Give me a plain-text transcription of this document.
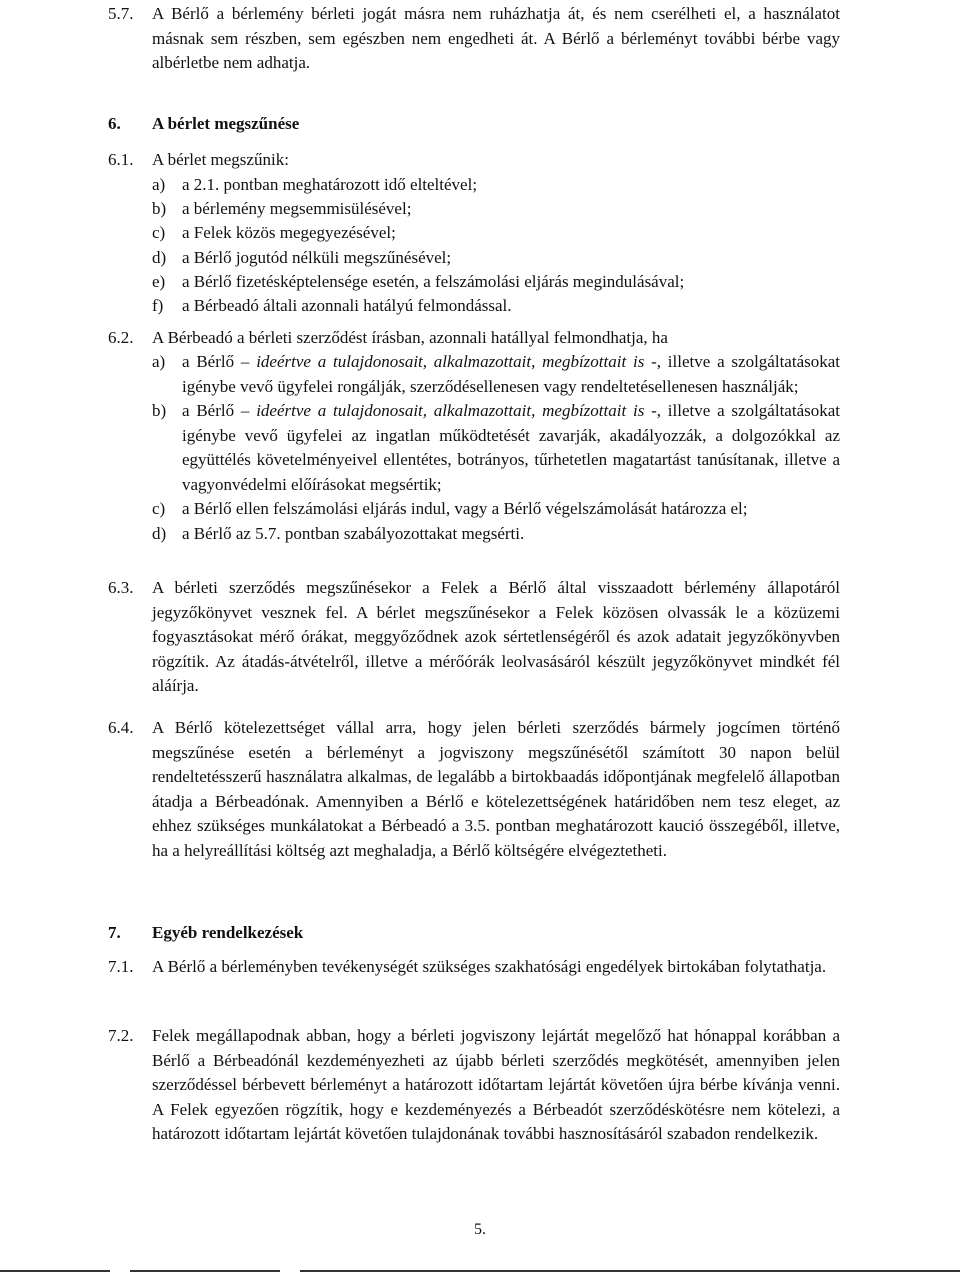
5.7. A Bérlő a bérlemény bérleti jogát másra nem ruházhatja át, és nem cserélheti el, a használatot másnak sem részben, sem egészben nem engedheti át. A Bérlő a bérleményt további bérbe vagy albérletbe nem adhatja.
6. A bérlet megszűnése
6.1. A bérlet megszűnik:
a) a 2.1. pontban meghatározott idő elteltével;
b) a bérlemény megsemmisülésével;
c) a Felek közös megegyezésével;
d) a Bérlő jogutód nélküli megszűnésével;
e) a Bérlő fizetésképtelensége esetén, a felszámolási eljárás megindulásával;
f) a Bérbeadó általi azonnali hatályú felmondással.
6.2. A Bérbeadó a bérleti szerződést írásban, azonnali hatállyal felmondhatja, ha
a) a Bérlő – ideértve a tulajdonosait, alkalmazottait, megbízottait is -, illetve a szolgáltatásokat igénybe vevő ügyfelei rongálják, szerződésellenesen vagy rendeltetésellenesen használják;
b) a Bérlő – ideértve a tulajdonosait, alkalmazottait, megbízottait is -, illetve a szolgáltatásokat igénybe vevő ügyfelei az ingatlan működtetését zavarják, akadályozzák, a dolgozókkal az együttélés követelményeivel ellentétes, botrányos, tűrhetetlen magatartást tanúsítanak, illetve a vagyonvédelmi előírásokat megsértik;
c) a Bérlő ellen felszámolási eljárás indul, vagy a Bérlő végelszámolását határozza el;
d) a Bérlő az 5.7. pontban szabályozottakat megsérti.
6.3. A bérleti szerződés megszűnésekor a Felek a Bérlő által visszaadott bérlemény állapotáról jegyzőkönyvet vesznek fel. A bérlet megszűnésekor a Felek közösen olvassák le a közüzemi fogyasztásokat mérő órákat, meggyőződnek azok sértetlenségéről és azok adatait jegyzőkönyvben rögzítik. Az átadás-átvételről, illetve a mérőórák leolvasásáról készült jegyzőkönyvet mindkét fél aláírja.
6.4. A Bérlő kötelezettséget vállal arra, hogy jelen bérleti szerződés bármely jogcímen történő megszűnése esetén a bérleményt a jogviszony megszűnésétől számított 30 napon belül rendeltetésszerű használatra alkalmas, de legalább a birtokbaadás időpontjának megfelelő állapotban átadja a Bérbeadónak. Amennyiben a Bérlő e kötelezettségének határidőben nem tesz eleget, az ehhez szükséges munkálatokat a Bérbeadó a 3.5. pontban meghatározott kaució összegéből, illetve, ha a helyreállítási költség azt meghaladja, a Bérlő költségére elvégeztetheti.
7. Egyéb rendelkezések
7.1. A Bérlő a bérleményben tevékenységét szükséges szakhatósági engedélyek birtokában folytathatja.
7.2. Felek megállapodnak abban, hogy a bérleti jogviszony lejártát megelőző hat hónappal korábban a Bérlő a Bérbeadónál kezdeményezheti az újabb bérleti szerződés megkötését, amennyiben jelen szerződéssel bérbevett bérleményt a határozott időtartam lejártát követően újra bérbe kívánja venni. A Felek egyezően rögzítik, hogy e kezdeményezés a Bérbeadót szerződéskötésre nem kötelezi, a határozott időtartam lejártát követően tulajdonának további hasznosításáról szabadon rendelkezik.
5.
